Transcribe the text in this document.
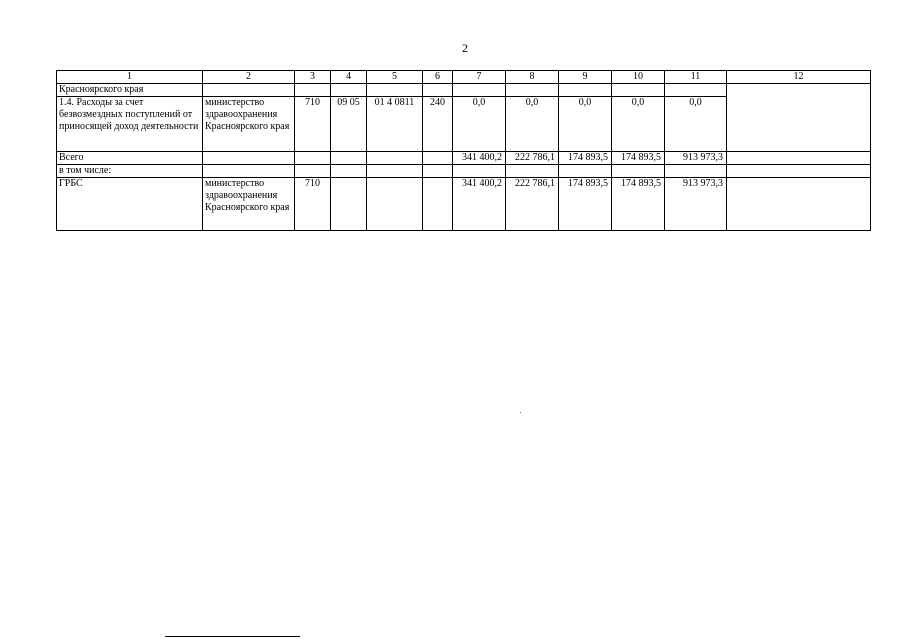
2
1	2	3	4	5	6	7	8	9	10	11	12
Красноярского края											
1.4. Расходы за счет безвозмездных поступлений от приносящей доход деятельности	министерство здравоохранения Красноярского края	710	09 05	01 4 0811	240	0,0	0,0	0,0	0,0	0,0	
Всего						341 400,2	222 786,1	174 893,5	174 893,5	913 973,3	
в том числе:											
ГРБС	министерство здравоохранения Красноярского края	710				341 400,2	222 786,1	174 893,5	174 893,5	913 973,3	
